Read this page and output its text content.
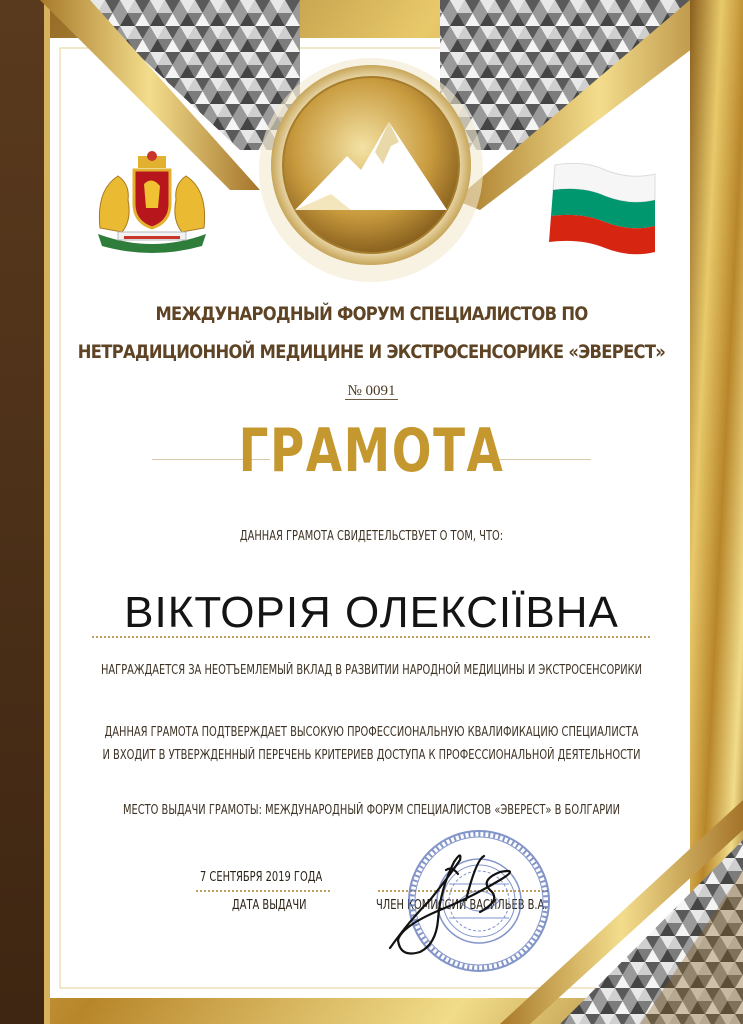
МЕЖДУНАРОДНЫЙ ФОРУМ СПЕЦИАЛИСТОВ ПО
НЕТРАДИЦИОННОЙ МЕДИЦИНЕ И ЭКСТРОСЕНСОРИКЕ «ЭВЕРЕСТ»
№ 0091
ГРАМОТА
ДАННАЯ ГРАМОТА СВИДЕТЕЛЬСТВУЕТ О ТОМ, ЧТО:
ВІКТОРІЯ ОЛЕКСІЇВНА
НАГРАЖДАЕТСЯ ЗА НЕОТЪЕМЛЕМЫЙ ВКЛАД В РАЗВИТИИ НАРОДНОЙ МЕДИЦИНЫ И ЭКСТРОСЕНСОРИКИ
ДАННАЯ ГРАМОТА ПОДТВЕРЖДАЕТ ВЫСОКУЮ ПРОФЕССИОНАЛЬНУЮ КВАЛИФИКАЦИЮ СПЕЦИАЛИСТА
И ВХОДИТ В УТВЕРЖДЕННЫЙ ПЕРЕЧЕНЬ КРИТЕРИЕВ ДОСТУПА К ПРОФЕССИОНАЛЬНОЙ ДЕЯТЕЛЬНОСТИ
МЕСТО ВЫДАЧИ ГРАМОТЫ: МЕЖДУНАРОДНЫЙ ФОРУМ СПЕЦИАЛИСТОВ «ЭВЕРЕСТ» В БОЛГАРИИ
7 СЕНТЯБРЯ 2019 ГОДА
ДАТА ВЫДАЧИ	ЧЛЕН КОМИССИИ ВАСИЛЬЕВ В.А.
